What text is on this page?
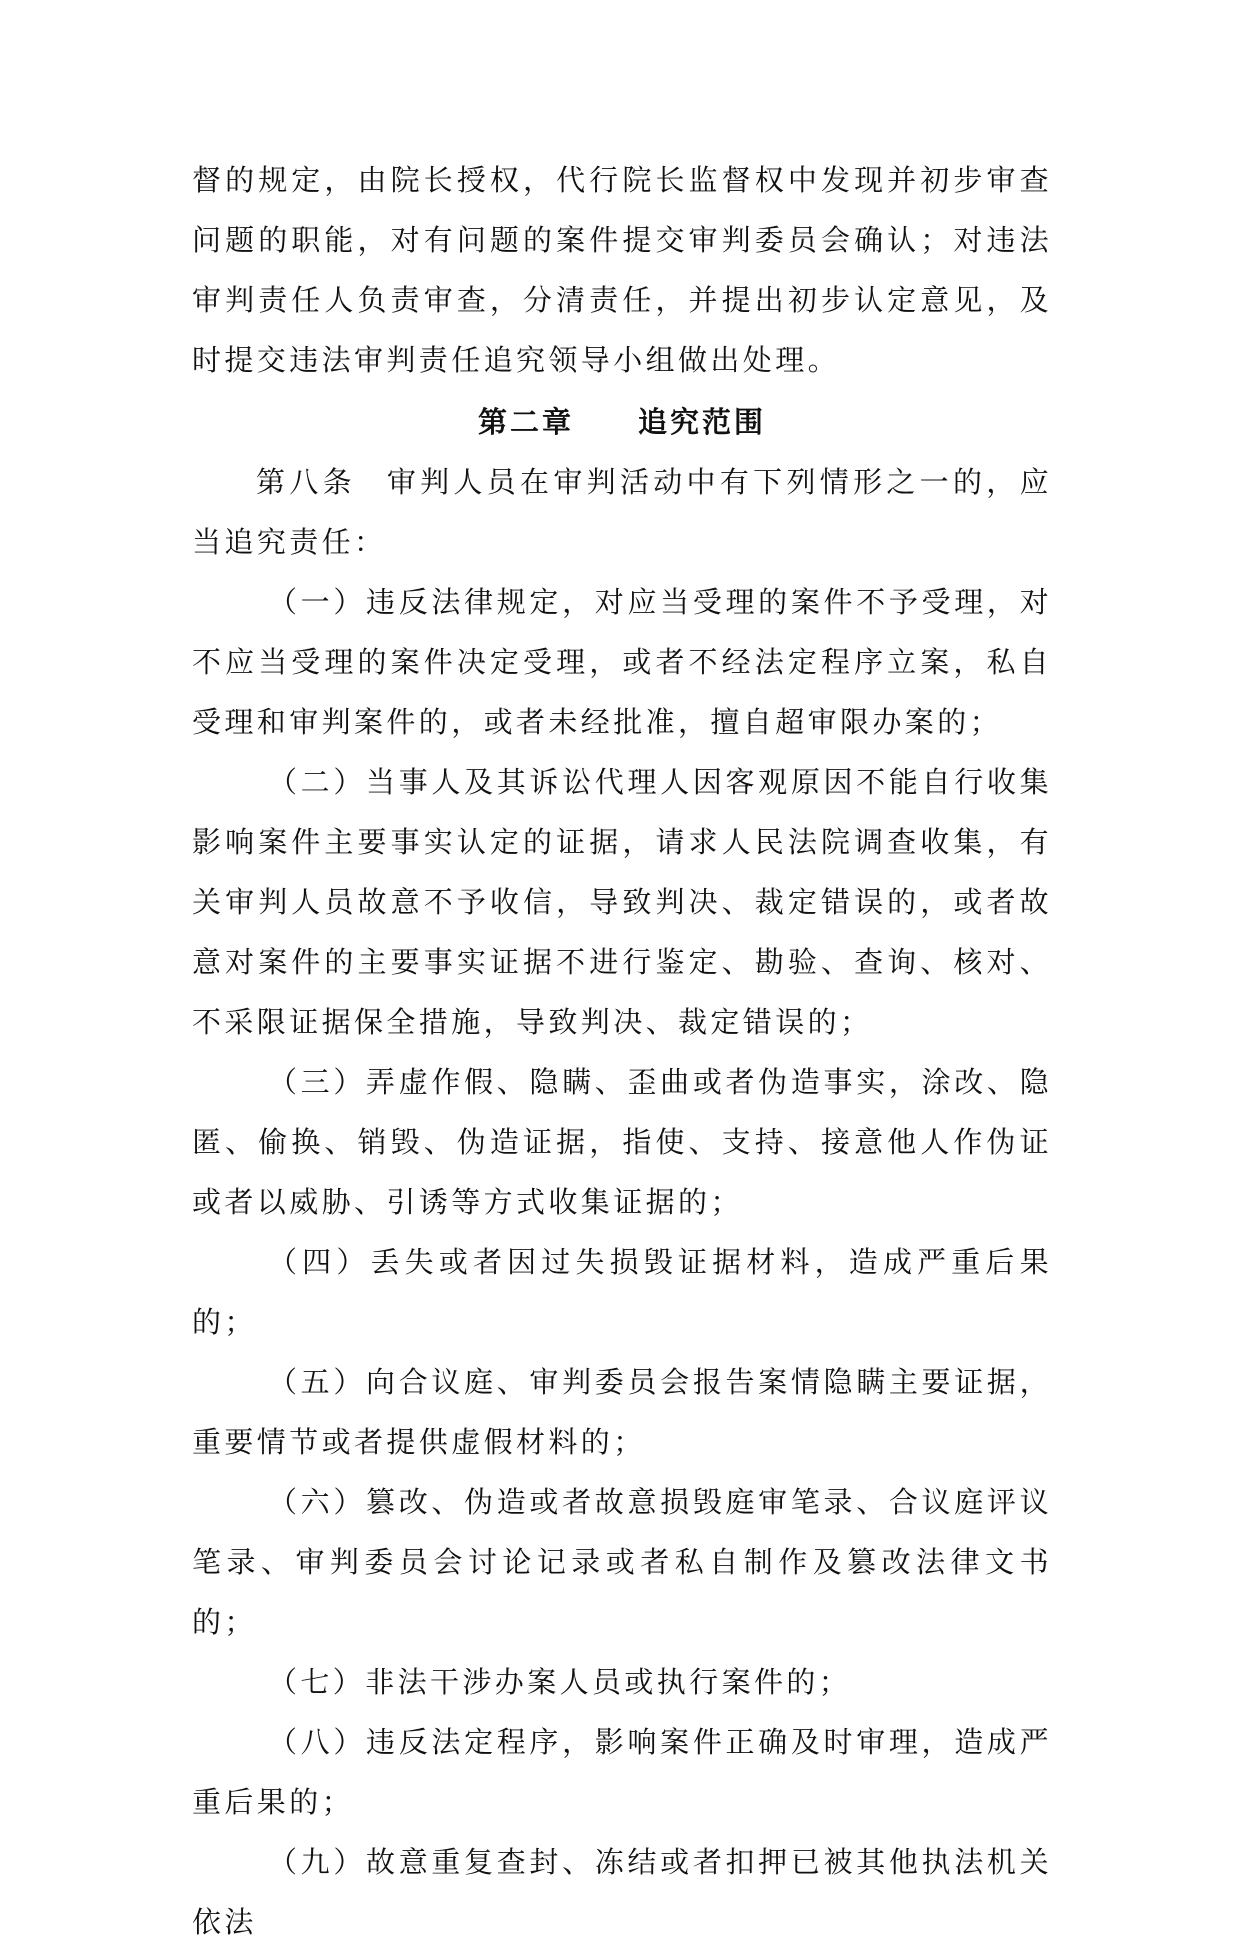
督的规定，由院长授权，代行院长监督权中发现并初步审查问题的职能，对有问题的案件提交审判委员会确认；对违法审判责任人负责审查，分清责任，并提出初步认定意见，及时提交违法审判责任追究领导小组做出处理。

第二章 追究范围

第八条 审判人员在审判活动中有下列情形之一的，应当追究责任：

（一）违反法律规定，对应当受理的案件不予受理，对不应当受理的案件决定受理，或者不经法定程序立案，私自受理和审判案件的，或者未经批准，擅自超审限办案的；

（二）当事人及其诉讼代理人因客观原因不能自行收集影响案件主要事实认定的证据，请求人民法院调查收集，有关审判人员故意不予收信，导致判决、裁定错误的，或者故意对案件的主要事实证据不进行鉴定、勘验、查询、核对、不采限证据保全措施，导致判决、裁定错误的；

（三）弄虚作假、隐瞒、歪曲或者伪造事实，涂改、隐匿、偷换、销毁、伪造证据，指使、支持、接意他人作伪证或者以威胁、引诱等方式收集证据的；

（四）丢失或者因过失损毁证据材料，造成严重后果的；

（五）向合议庭、审判委员会报告案情隐瞒主要证据，重要情节或者提供虚假材料的；

（六）篡改、伪造或者故意损毁庭审笔录、合议庭评议笔录、审判委员会讨论记录或者私自制作及篡改法律文书的；

（七）非法干涉办案人员或执行案件的；

（八）违反法定程序，影响案件正确及时审理，造成严重后果的；

（九）故意重复查封、冻结或者扣押已被其他执法机关依法
